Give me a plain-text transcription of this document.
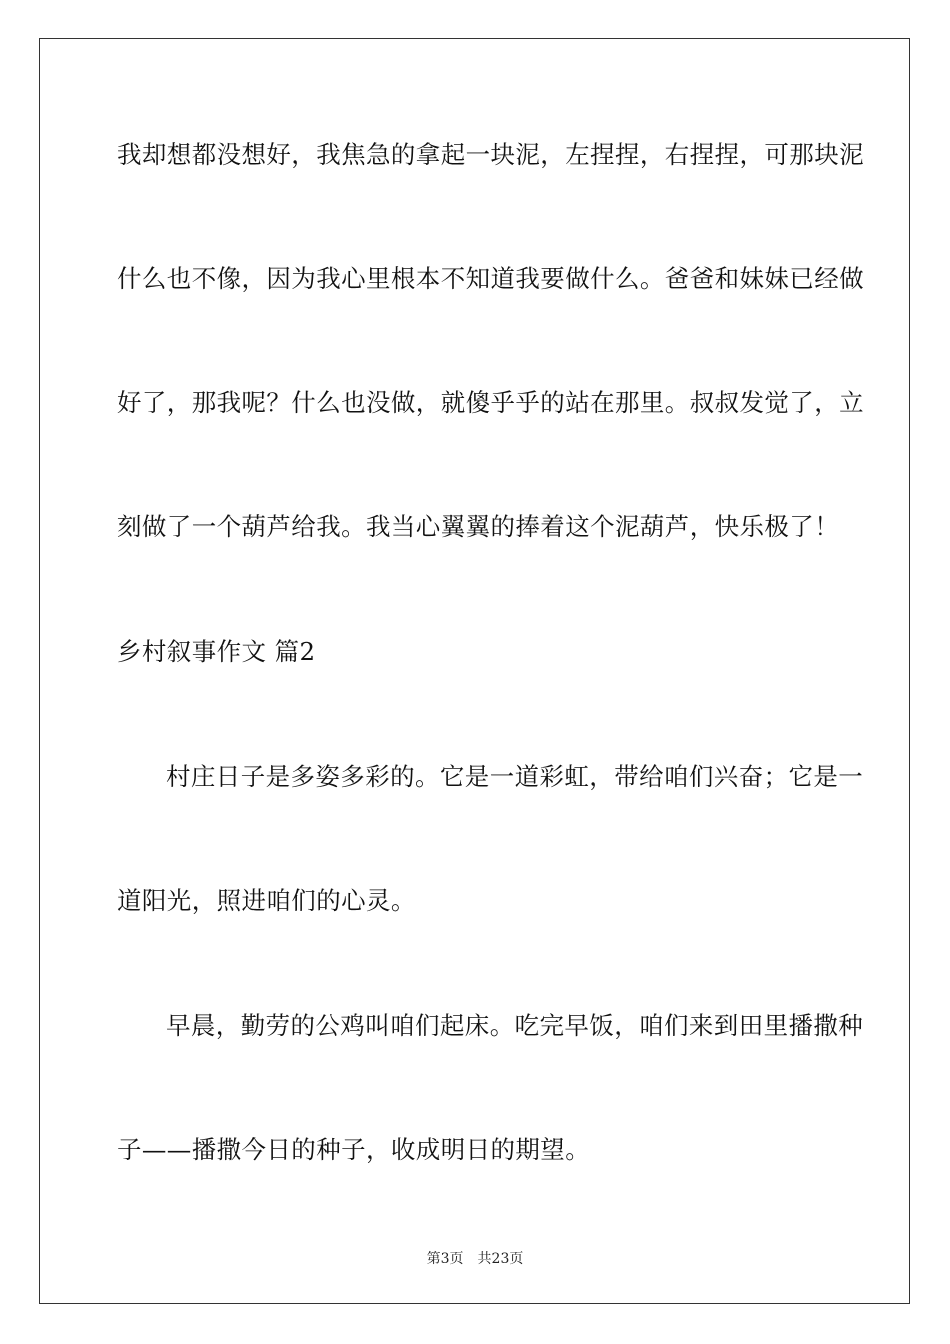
我却想都没想好，我焦急的拿起一块泥，左捏捏，右捏捏，可那块泥
什么也不像，因为我心里根本不知道我要做什么。爸爸和妹妹已经做
好了，那我呢？什么也没做，就傻乎乎的站在那里。叔叔发觉了，立
刻做了一个葫芦给我。我当心翼翼的捧着这个泥葫芦，快乐极了！
乡村叙事作文 篇2
村庄日子是多姿多彩的。它是一道彩虹，带给咱们兴奋；它是一
道阳光，照进咱们的心灵。
早晨，勤劳的公鸡叫咱们起床。吃完早饭，咱们来到田里播撒种
子——播撒今日的种子，收成明日的期望。
第3页 共23页
